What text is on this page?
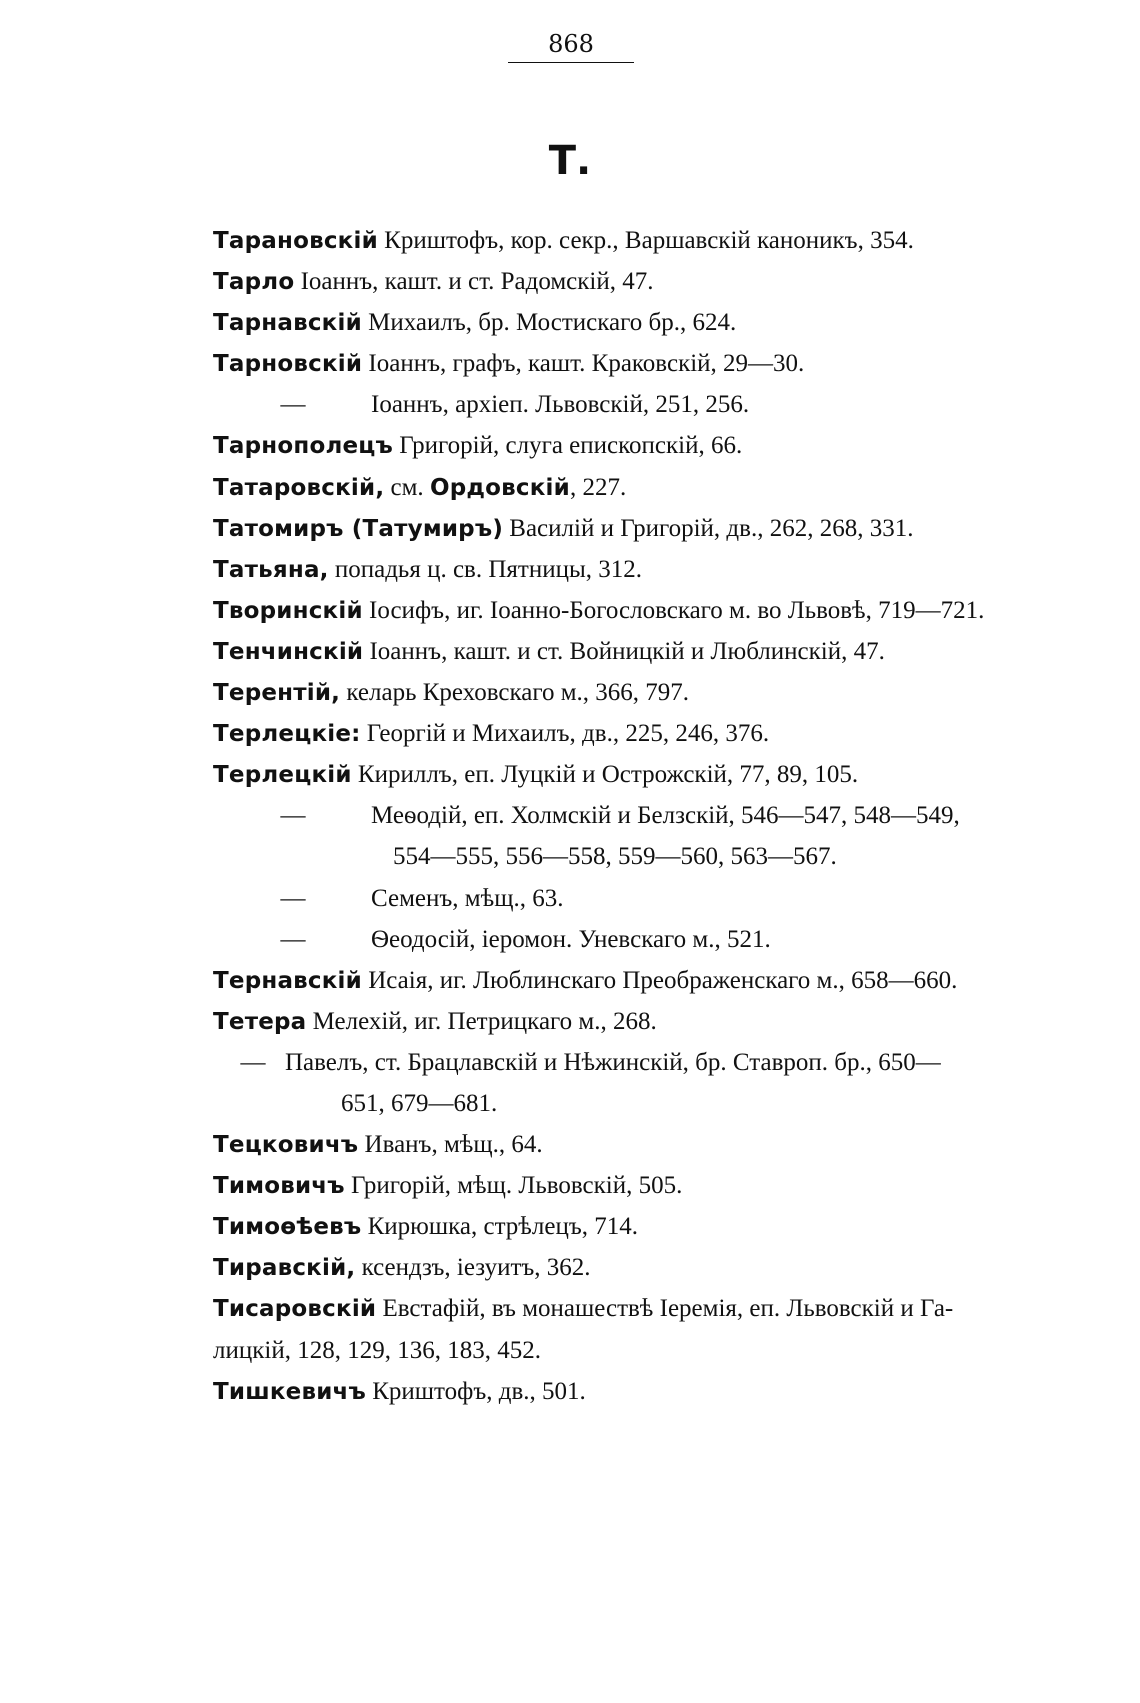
868
Т.
Тарановскій Криштофъ, кор. секр., Варшавскій каноникъ, 354.
Тарло Іоаннъ, кашт. и ст. Радомскій, 47.
Тарнавскій Михаилъ, бр. Мостискаго бр., 624.
Тарновскій Іоаннъ, графъ, кашт. Краковскій, 29—30.
—	Іоаннъ, архіеп. Львовскій, 251, 256.
Тарнополецъ Григорій, слуга епископскій, 66.
Татаровскій, см. Ордовскій, 227.
Татомиръ (Татумиръ) Василій и Григорій, дв., 262, 268, 331.
Татьяна, попадья ц. св. Пятницы, 312.
Творинскій Іосифъ, иг. Іоанно-Богословскаго м. во Львовѣ, 719—721.
Тенчинскій Іоаннъ, кашт. и ст. Войницкій и Люблинскій, 47.
Терентій, келарь Креховскаго м., 366, 797.
Терлецкіе: Георгій и Михаилъ, дв., 225, 246, 376.
Терлецкій Кириллъ, еп. Луцкій и Острожскій, 77, 89, 105.
—	Меѳодій, еп. Холмскій и Белзскій, 546—547, 548—549,
554—555, 556—558, 559—560, 563—567.
—	Семенъ, мѣщ., 63.
—	Ѳеодосій, іеромон. Уневскаго м., 521.
Тернавскій Исаія, иг. Люблинскаго Преображенскаго м., 658—660.
Тетера Мелехій, иг. Петрицкаго м., 268.
— Павелъ, ст. Брацлавскій и Нѣжинскій, бр. Ставроп. бр., 650—
651, 679—681.
Тецковичъ Иванъ, мѣщ., 64.
Тимовичъ Григорій, мѣщ. Львовскій, 505.
Тимоѳѣевъ Кирюшка, стрѣлецъ, 714.
Тиравскій, ксендзъ, іезуитъ, 362.
Тисаровскій Евстафій, въ монашествѣ Іеремія, еп. Львовскій и Га-
лицкій, 128, 129, 136, 183, 452.
Тишкевичъ Криштофъ, дв., 501.
